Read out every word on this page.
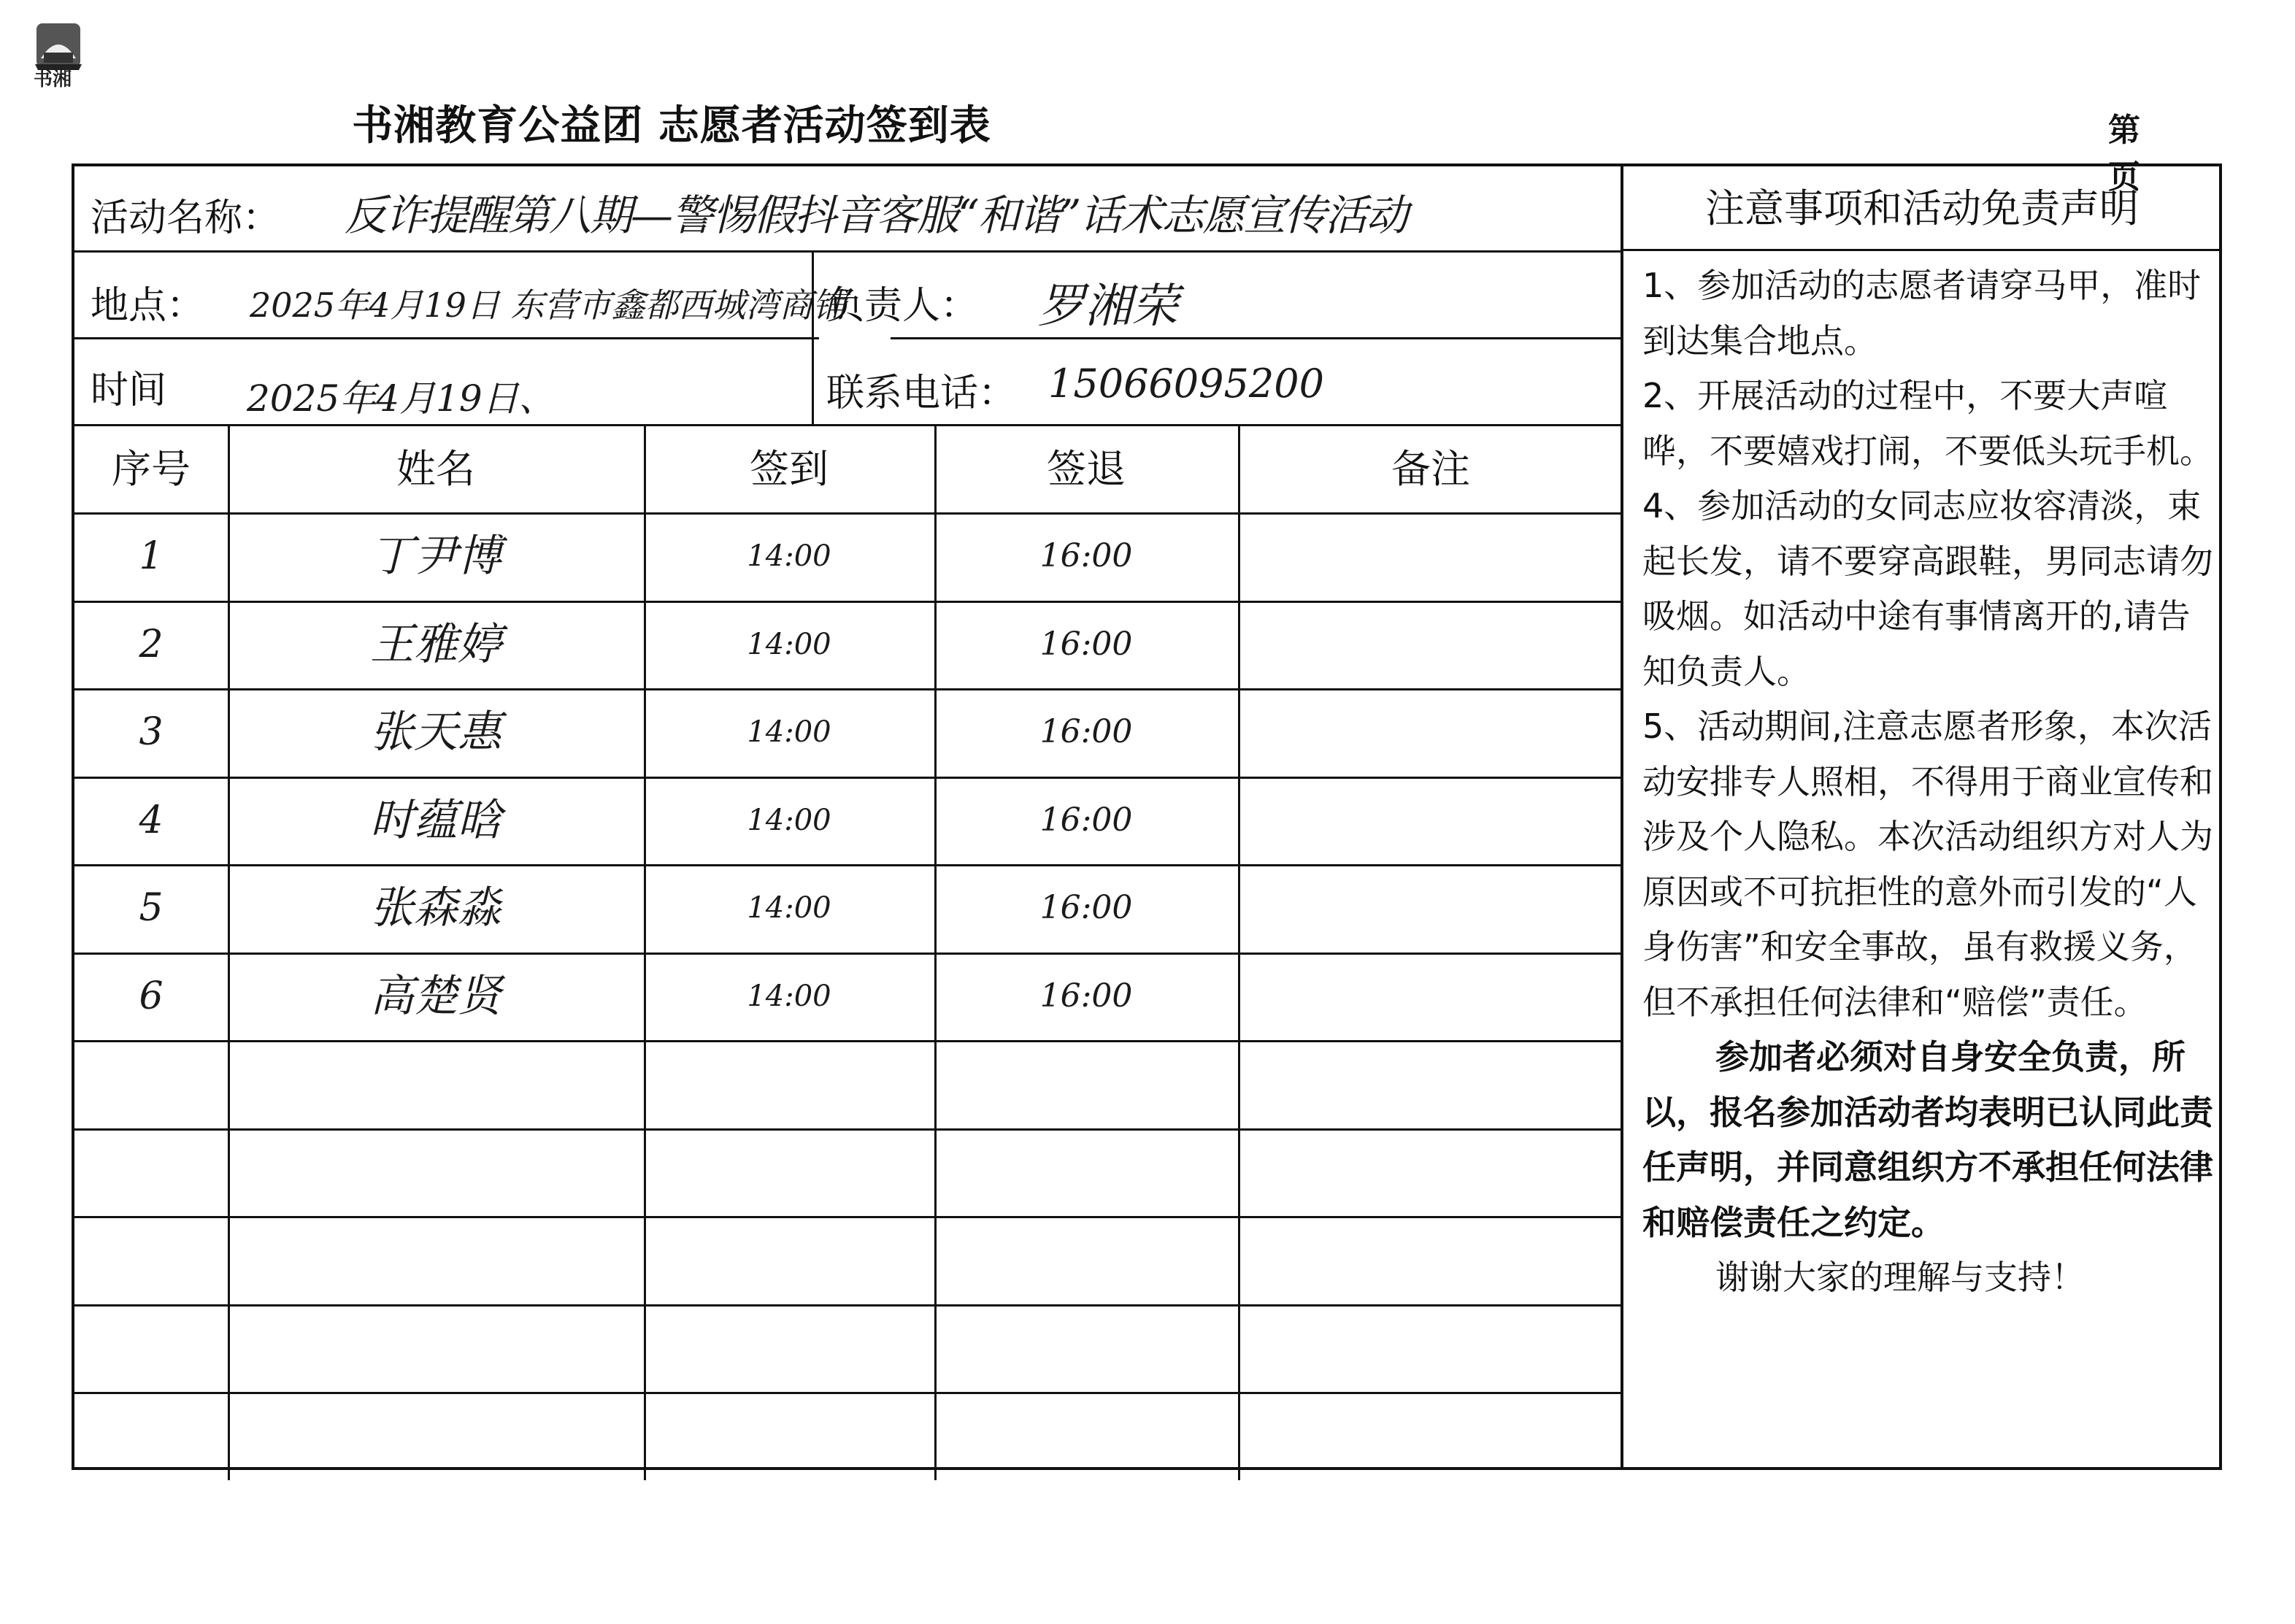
书湘
书湘教育公益团 志愿者活动签到表	第 页
活动名称： 反诈提醒第八期—警惕假抖音客服“和谐”话术志愿宣传活动
地点： 2025年4月19日 东营市鑫都西城湾商铺
负责人： 罗湘荣
时间 2025年4月19日、	联系电话： 15066095200
序号	姓名	签到	签退	备注
1	丁尹博	14:00	16:00
2	王雅婷	14:00	16:00
3	张天惠	14:00	16:00
4	时蕴晗	14:00	16:00
5	张森淼	14:00	16:00
6	高楚贤	14:00	16:00
注意事项和活动免责声明

1、参加活动的志愿者请穿马甲，准时到达集合地点。

2、开展活动的过程中，不要大声喧哗，不要嬉戏打闹，不要低头玩手机。

4、参加活动的女同志应妆容清淡，束起长发，请不要穿高跟鞋，男同志请勿吸烟。如活动中途有事情离开的,请告知负责人。

5、活动期间,注意志愿者形象，本次活动安排专人照相，不得用于商业宣传和涉及个人隐私。本次活动组织方对人为原因或不可抗拒性的意外而引发的“人身伤害”和安全事故，虽有救援义务，但不承担任何法律和“赔偿”责任。

参加者必须对自身安全负责，所以，报名参加活动者均表明已认同此责任声明，并同意组织方不承担任何法律和赔偿责任之约定。

谢谢大家的理解与支持！
